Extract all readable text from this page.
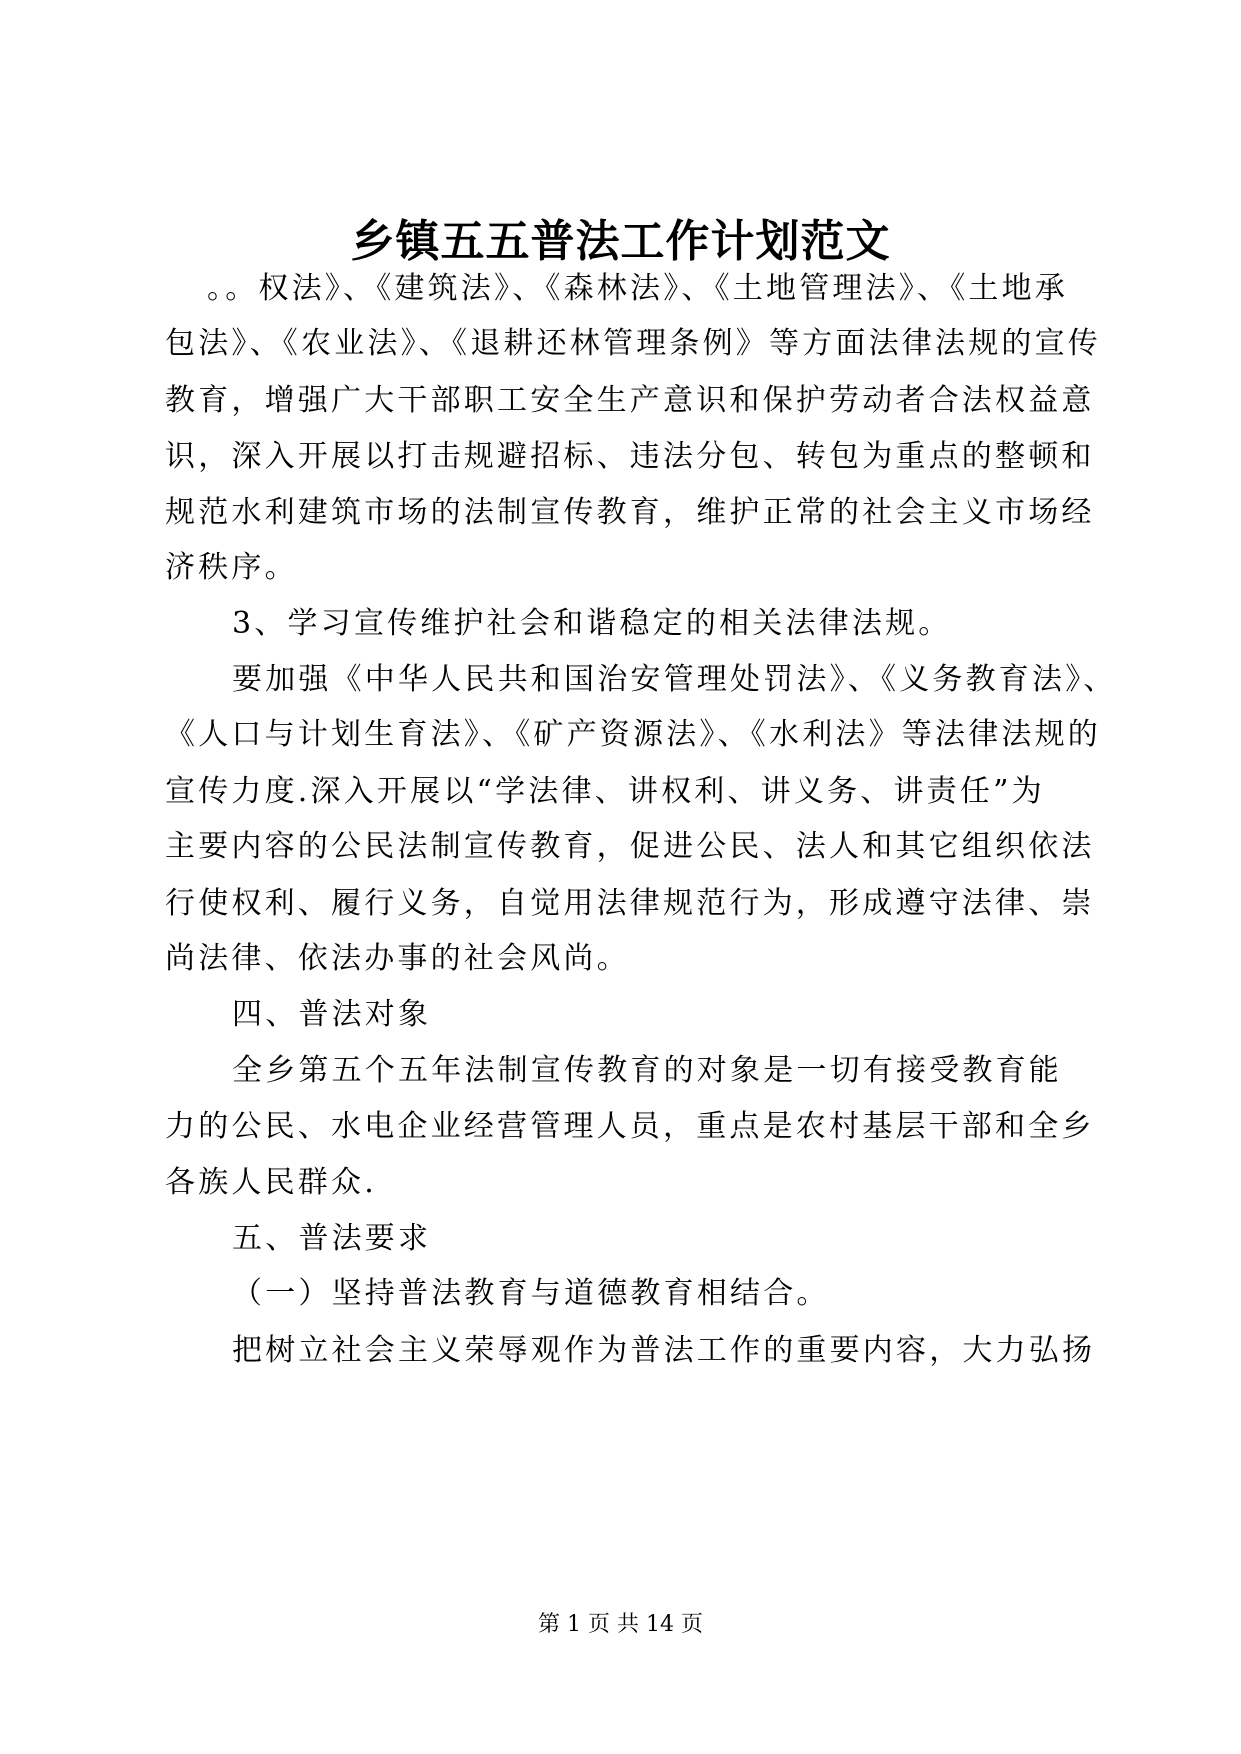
乡镇五五普法工作计划范文

。。权法》、《建筑法》、《森林法》、《土地管理法》、《土地承

包法》、《农业法》、《退耕还林管理条例》等方面法律法规的宣传

教育，增强广大干部职工安全生产意识和保护劳动者合法权益意

识，深入开展以打击规避招标、违法分包、转包为重点的整顿和

规范水利建筑市场的法制宣传教育，维护正常的社会主义市场经

济秩序。

3、学习宣传维护社会和谐稳定的相关法律法规。

要加强《中华人民共和国治安管理处罚法》、《义务教育法》、

《人口与计划生育法》、《矿产资源法》、《水利法》等法律法规的

宣传力度.深入开展以“学法律、讲权利、讲义务、讲责任”为

主要内容的公民法制宣传教育，促进公民、法人和其它组织依法

行使权利、履行义务，自觉用法律规范行为，形成遵守法律、崇

尚法律、依法办事的社会风尚。

四、普法对象

全乡第五个五年法制宣传教育的对象是一切有接受教育能

力的公民、水电企业经营管理人员，重点是农村基层干部和全乡

各族人民群众.

五、普法要求

（一）坚持普法教育与道德教育相结合。

把树立社会主义荣辱观作为普法工作的重要内容，大力弘扬

第 1 页 共 14 页
